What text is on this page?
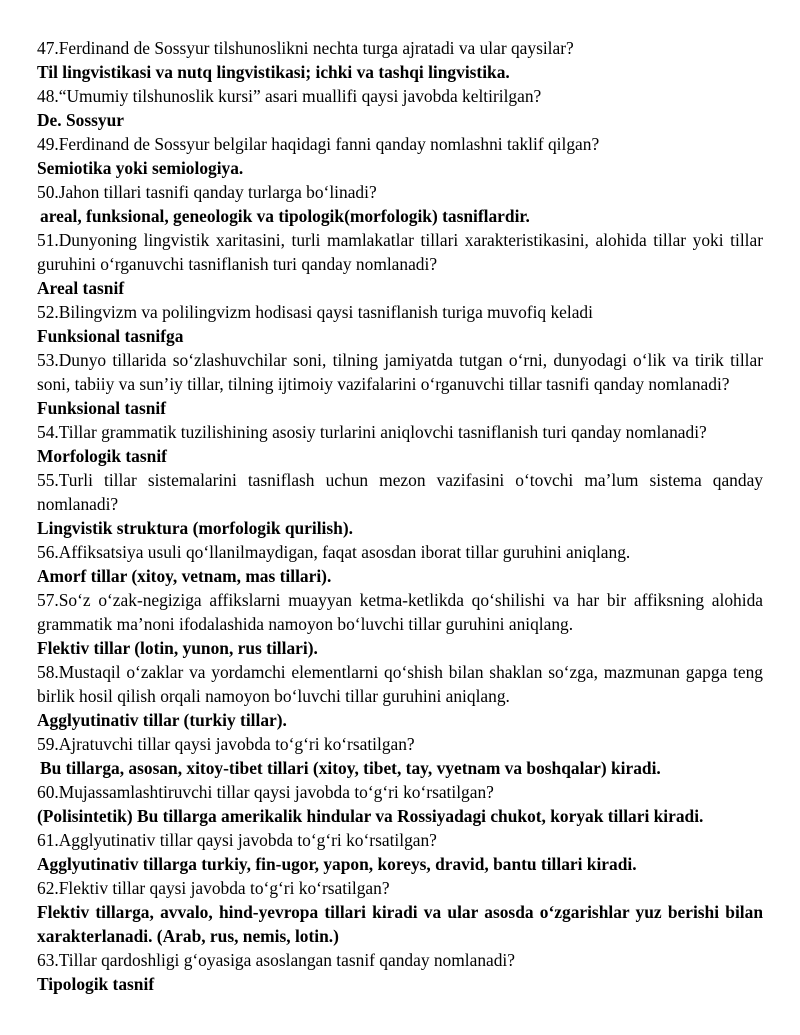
47.Ferdinand de Sossyur tilshunoslikni nechta turga ajratadi va ular qaysilar?

Til lingvistikasi va nutq lingvistikasi; ichki va tashqi lingvistika.

48.“Umumiy tilshunoslik kursi” asari muallifi qaysi javobda keltirilgan?

De. Sossyur

49.Ferdinand de Sossyur belgilar haqidagi fanni qanday nomlashni taklif qilgan?

Semiotika yoki semiologiya.

50.Jahon tillari tasnifi qanday turlarga bo‘linadi?

areal, funksional, geneologik va tipologik(morfologik) tasniflardir.

51.Dunyoning lingvistik xaritasini, turli mamlakatlar tillari xarakteristikasini, alohida tillar yoki tillar guruhini o‘rganuvchi tasniflanish turi qanday nomlanadi?

Areal tasnif

52.Bilingvizm va polilingvizm hodisasi qaysi tasniflanish turiga muvofiq keladi

Funksional tasnifga

53.Dunyo tillarida so‘zlashuvchilar soni, tilning jamiyatda tutgan o‘rni, dunyodagi o‘lik va tirik tillar soni, tabiiy va sun’iy tillar, tilning ijtimoiy vazifalarini o‘rganuvchi tillar tasnifi qanday nomlanadi?

Funksional tasnif

54.Tillar grammatik tuzilishining asosiy turlarini aniqlovchi tasniflanish turi qanday nomlanadi?

Morfologik tasnif

55.Turli tillar sistemalarini tasniflash uchun mezon vazifasini o‘tovchi ma’lum sistema qanday nomlanadi?

Lingvistik struktura (morfologik qurilish).

56.Affiksatsiya usuli qo‘llanilmaydigan, faqat asosdan iborat tillar guruhini aniqlang.

Amorf tillar (xitoy, vetnam, mas tillari).

57.So‘z o‘zak-negiziga affikslarni muayyan ketma-ketlikda qo‘shilishi va har bir affiksning alohida grammatik ma’noni ifodalashida namoyon bo‘luvchi tillar guruhini aniqlang.

Flektiv tillar (lotin, yunon, rus tillari).

58.Mustaqil o‘zaklar va yordamchi elementlarni qo‘shish bilan shaklan so‘zga, mazmunan gapga teng birlik hosil qilish orqali namoyon bo‘luvchi tillar guruhini aniqlang.

Agglyutinativ tillar (turkiy tillar).

59.Ajratuvchi tillar qaysi javobda to‘g‘ri ko‘rsatilgan?

Bu tillarga, asosan, xitoy-tibet tillari (xitoy, tibet, tay, vyetnam va boshqalar) kiradi.

60.Mujassamlashtiruvchi tillar qaysi javobda to‘g‘ri ko‘rsatilgan?

(Polisintetik) Bu tillarga amerikalik hindular va Rossiyadagi chukot, koryak tillari kiradi.

61.Agglyutinativ tillar qaysi javobda to‘g‘ri ko‘rsatilgan?

Agglyutinativ tillarga turkiy, fin-ugor, yapon, koreys, dravid, bantu tillari kiradi.

62.Flektiv tillar qaysi javobda to‘g‘ri ko‘rsatilgan?

Flektiv tillarga, avvalo, hind-yevropa tillari kiradi va ular asosda o‘zgarishlar yuz berishi bilan xarakterlanadi. (Arab, rus, nemis, lotin.)

63.Tillar qardoshligi g‘oyasiga asoslangan tasnif qanday nomlanadi?

Tipologik tasnif
